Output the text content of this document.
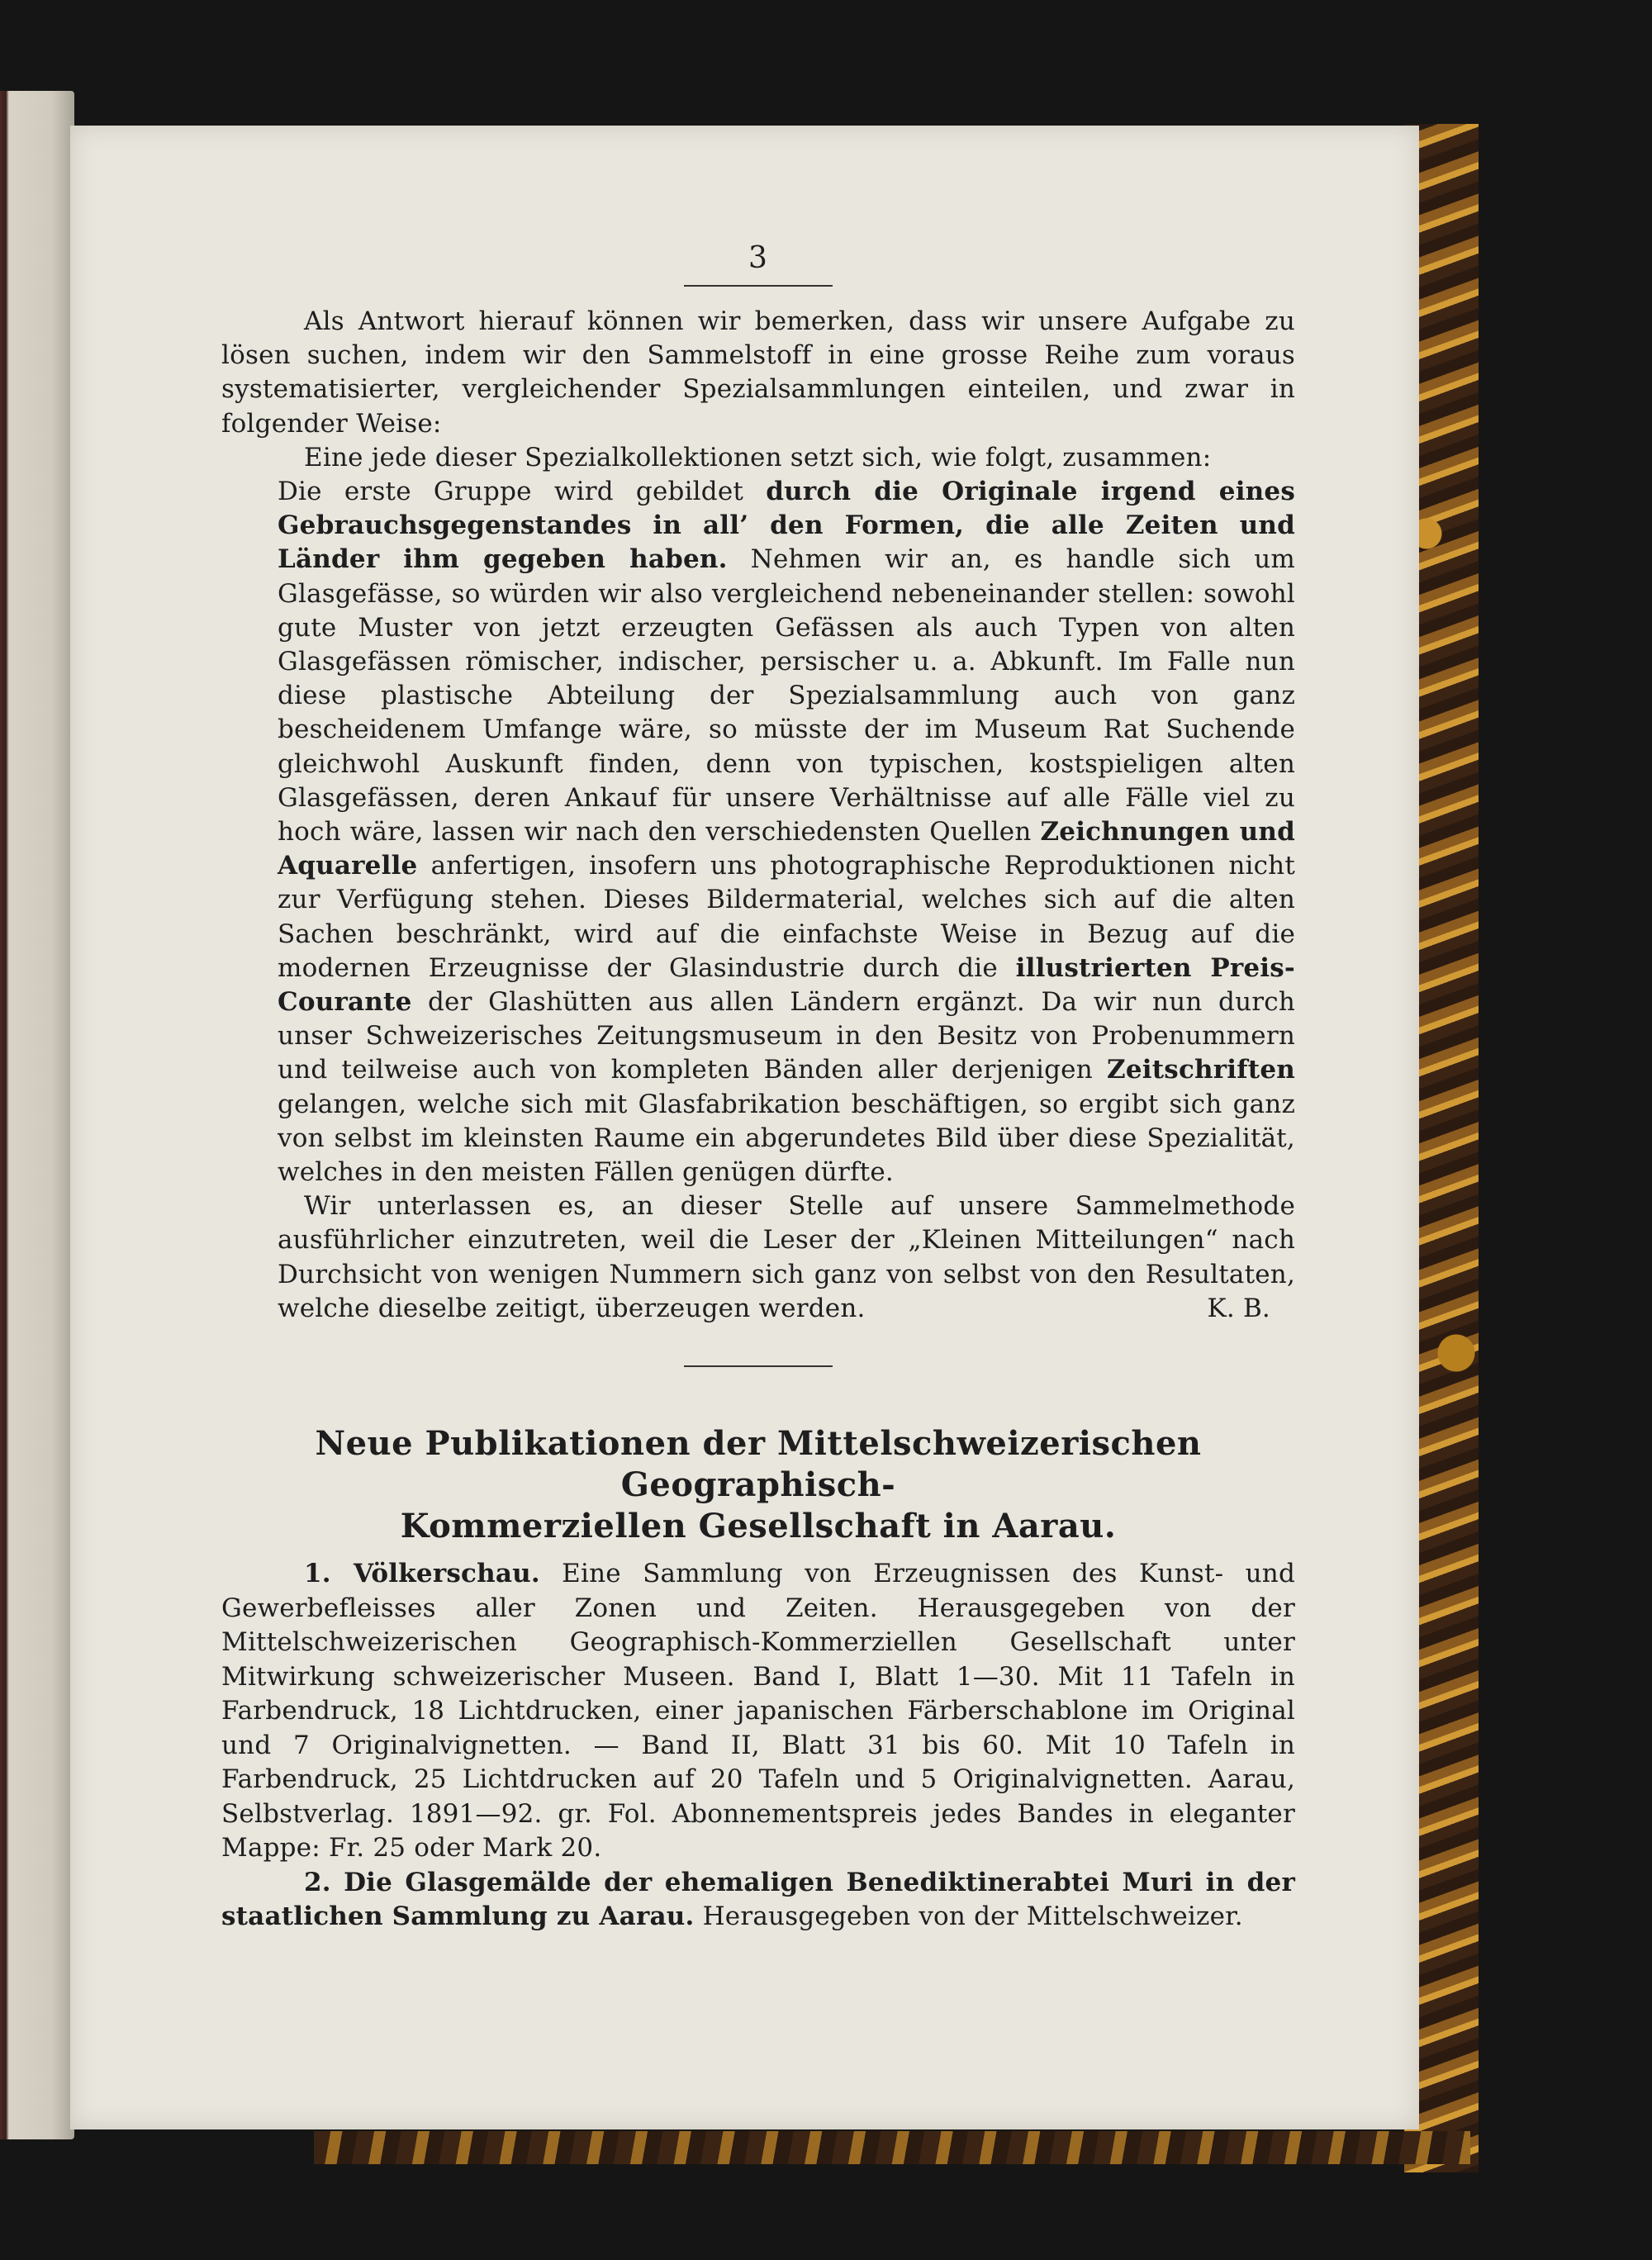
3

Als Antwort hierauf können wir bemerken, dass wir unsere Aufgabe zu lösen suchen, indem wir den Sammelstoff in eine grosse Reihe zum voraus systematisierter, vergleichender Spezialsammlungen einteilen, und zwar in folgender Weise:

Eine jede dieser Spezialkollektionen setzt sich, wie folgt, zusammen:

Die erste Gruppe wird gebildet durch die Originale irgend eines Gebrauchsgegenstandes in all’ den Formen, die alle Zeiten und Länder ihm gegeben haben. Nehmen wir an, es handle sich um Glasgefässe, so würden wir also vergleichend nebeneinander stellen: sowohl gute Muster von jetzt erzeugten Gefässen als auch Typen von alten Glasgefässen römischer, indischer, persischer u. a. Abkunft. Im Falle nun diese plastische Abteilung der Spezialsammlung auch von ganz bescheidenem Umfange wäre, so müsste der im Museum Rat Suchende gleichwohl Auskunft finden, denn von typischen, kostspieligen alten Glasgefässen, deren Ankauf für unsere Verhältnisse auf alle Fälle viel zu hoch wäre, lassen wir nach den verschiedensten Quellen Zeichnungen und Aquarelle anfertigen, insofern uns photographische Reproduktionen nicht zur Verfügung stehen. Dieses Bildermaterial, welches sich auf die alten Sachen beschränkt, wird auf die einfachste Weise in Bezug auf die modernen Erzeugnisse der Glasindustrie durch die illustrierten Preis-Courante der Glashütten aus allen Ländern ergänzt. Da wir nun durch unser Schweizerisches Zeitungsmuseum in den Besitz von Probenummern und teilweise auch von kompleten Bänden aller derjenigen Zeitschriften gelangen, welche sich mit Glasfabrikation beschäftigen, so ergibt sich ganz von selbst im kleinsten Raume ein abgerundetes Bild über diese Spezialität, welches in den meisten Fällen genügen dürfte.

Wir unterlassen es, an dieser Stelle auf unsere Sammelmethode ausführlicher einzutreten, weil die Leser der „Kleinen Mitteilungen“ nach Durchsicht von wenigen Nummern sich ganz von selbst von den Resultaten, welche dieselbe zeitigt, überzeugen werden.	K. B.

Neue Publikationen der Mittelschweizerischen Geographisch-
Kommerziellen Gesellschaft in Aarau.

1. Völkerschau. Eine Sammlung von Erzeugnissen des Kunst- und Gewerbefleisses aller Zonen und Zeiten. Herausgegeben von der Mittelschweizerischen Geographisch-Kommerziellen Gesellschaft unter Mitwirkung schweizerischer Museen. Band I, Blatt 1—30. Mit 11 Tafeln in Farbendruck, 18 Lichtdrucken, einer japanischen Färberschablone im Original und 7 Originalvignetten. — Band II, Blatt 31 bis 60. Mit 10 Tafeln in Farbendruck, 25 Lichtdrucken auf 20 Tafeln und 5 Originalvignetten. Aarau, Selbstverlag. 1891—92. gr. Fol. Abonnementspreis jedes Bandes in eleganter Mappe: Fr. 25 oder Mark 20.

2. Die Glasgemälde der ehemaligen Benediktinerabtei Muri in der staatlichen Sammlung zu Aarau. Herausgegeben von der Mittelschweizer.
